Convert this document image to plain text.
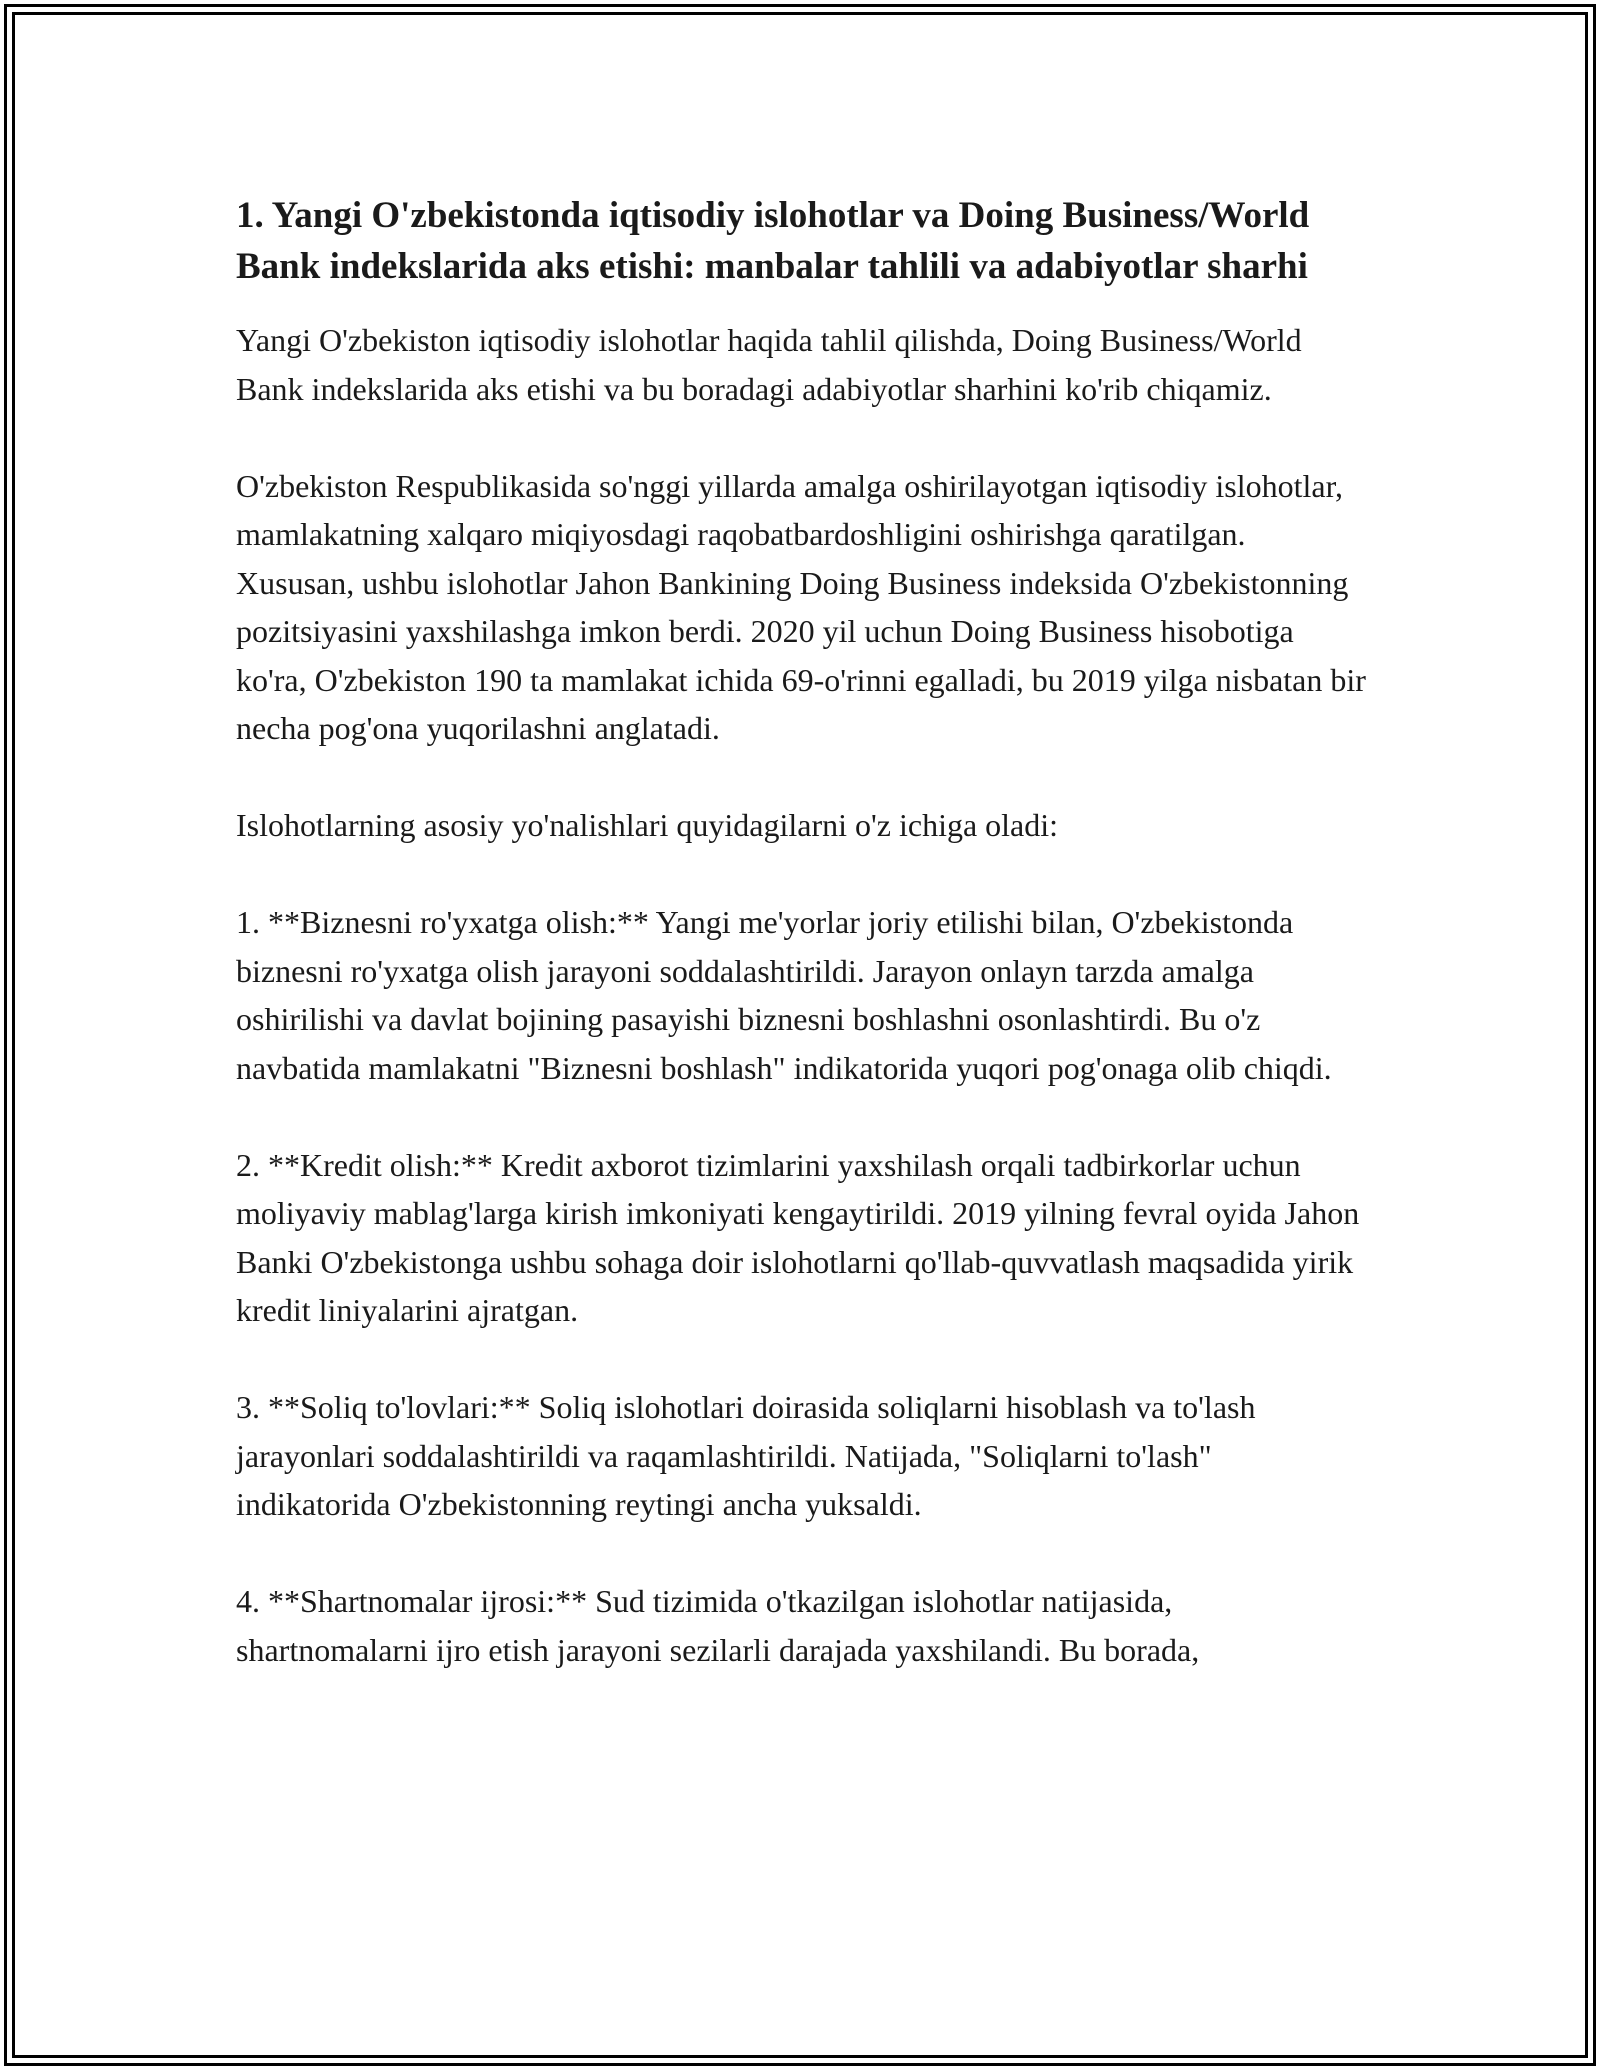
1. Yangi O'zbekistonda iqtisodiy islohotlar va Doing Business/World Bank indekslarida aks etishi: manbalar tahlili va adabiyotlar sharhi

Yangi O'zbekiston iqtisodiy islohotlar haqida tahlil qilishda, Doing Business/World Bank indekslarida aks etishi va bu boradagi adabiyotlar sharhini ko'rib chiqamiz.

O'zbekiston Respublikasida so'nggi yillarda amalga oshirilayotgan iqtisodiy islohotlar, mamlakatning xalqaro miqiyosdagi raqobatbardoshligini oshirishga qaratilgan. Xususan, ushbu islohotlar Jahon Bankining Doing Business indeksida O'zbekistonning pozitsiyasini yaxshilashga imkon berdi. 2020 yil uchun Doing Business hisobotiga ko'ra, O'zbekiston 190 ta mamlakat ichida 69-o'rinni egalladi, bu 2019 yilga nisbatan bir necha pog'ona yuqorilashni anglatadi.

Islohotlarning asosiy yo'nalishlari quyidagilarni o'z ichiga oladi:

1. **Biznesni ro'yxatga olish:** Yangi me'yorlar joriy etilishi bilan, O'zbekistonda biznesni ro'yxatga olish jarayoni soddalashtirildi. Jarayon onlayn tarzda amalga oshirilishi va davlat bojining pasayishi biznesni boshlashni osonlashtirdi. Bu o'z navbatida mamlakatni "Biznesni boshlash" indikatorida yuqori pog'onaga olib chiqdi.

2. **Kredit olish:** Kredit axborot tizimlarini yaxshilash orqali tadbirkorlar uchun moliyaviy mablag'larga kirish imkoniyati kengaytirildi. 2019 yilning fevral oyida Jahon Banki O'zbekistonga ushbu sohaga doir islohotlarni qo'llab-quvvatlash maqsadida yirik kredit liniyalarini ajratgan.

3. **Soliq to'lovlari:** Soliq islohotlari doirasida soliqlarni hisoblash va to'lash jarayonlari soddalashtirildi va raqamlashtirildi. Natijada, "Soliqlarni to'lash" indikatorida O'zbekistonning reytingi ancha yuksaldi.

4. **Shartnomalar ijrosi:** Sud tizimida o'tkazilgan islohotlar natijasida, shartnomalarni ijro etish jarayoni sezilarli darajada yaxshilandi. Bu borada,
